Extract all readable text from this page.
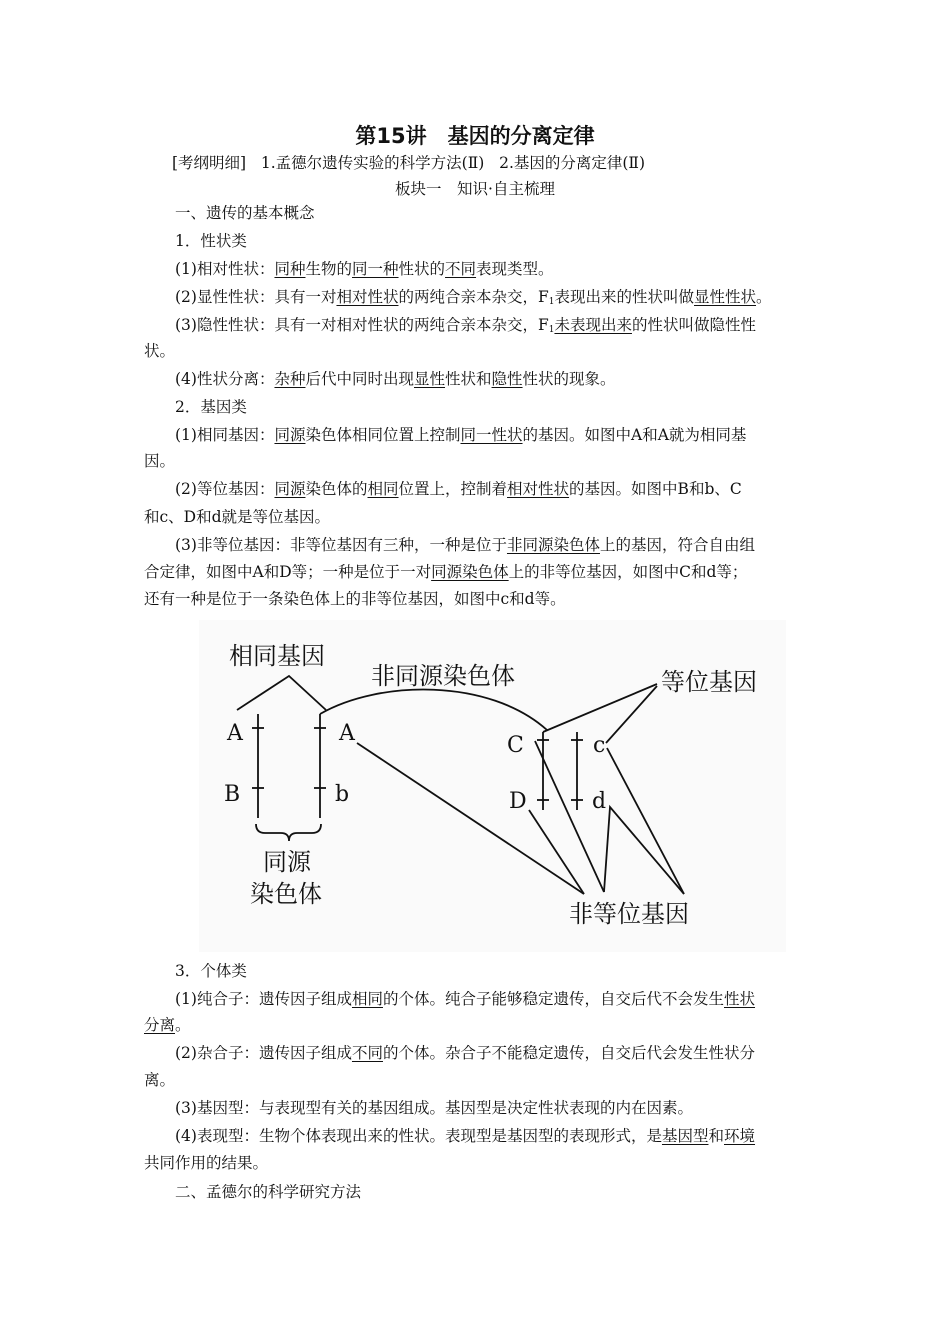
第15讲　基因的分离定律
[考纲明细] 1.孟德尔遗传实验的科学方法(Ⅱ) 2.基因的分离定律(Ⅱ)
板块一　知识·自主梳理
一、遗传的基本概念
1．性状类
(1)相对性状：同种生物的同一种性状的不同表现类型。
(2)显性性状：具有一对相对性状的两纯合亲本杂交，$F_1$表现出来的性状叫做显性性状。
(3)隐性性状：具有一对相对性状的两纯合亲本杂交，$F_1$未表现出来的性状叫做隐性性
状。
(4)性状分离：杂种后代中同时出现显性性状和隐性性状的现象。
2．基因类
(1)相同基因：同源染色体相同位置上控制同一性状的基因。如图中A和A就为相同基
因。
(2)等位基因：同源染色体的相同位置上，控制着相对性状的基因。如图中B和b、C
和c、D和d就是等位基因。
(3)非等位基因：非等位基因有三种，一种是位于非同源染色体上的基因，符合自由组
合定律，如图中A和D等；一种是位于一对同源染色体上的非等位基因，如图中C和d等；
还有一种是位于一条染色体上的非等位基因，如图中c和d等。
相同基因
非同源染色体	等位基因
同源
染色体
非等位基因
A	A
B	b
C	c
D	d
3．个体类
(1)纯合子：遗传因子组成相同的个体。纯合子能够稳定遗传，自交后代不会发生性状
分离。
(2)杂合子：遗传因子组成不同的个体。杂合子不能稳定遗传，自交后代会发生性状分
离。
(3)基因型：与表现型有关的基因组成。基因型是决定性状表现的内在因素。
(4)表现型：生物个体表现出来的性状。表现型是基因型的表现形式，是基因型和环境
共同作用的结果。
二、孟德尔的科学研究方法
